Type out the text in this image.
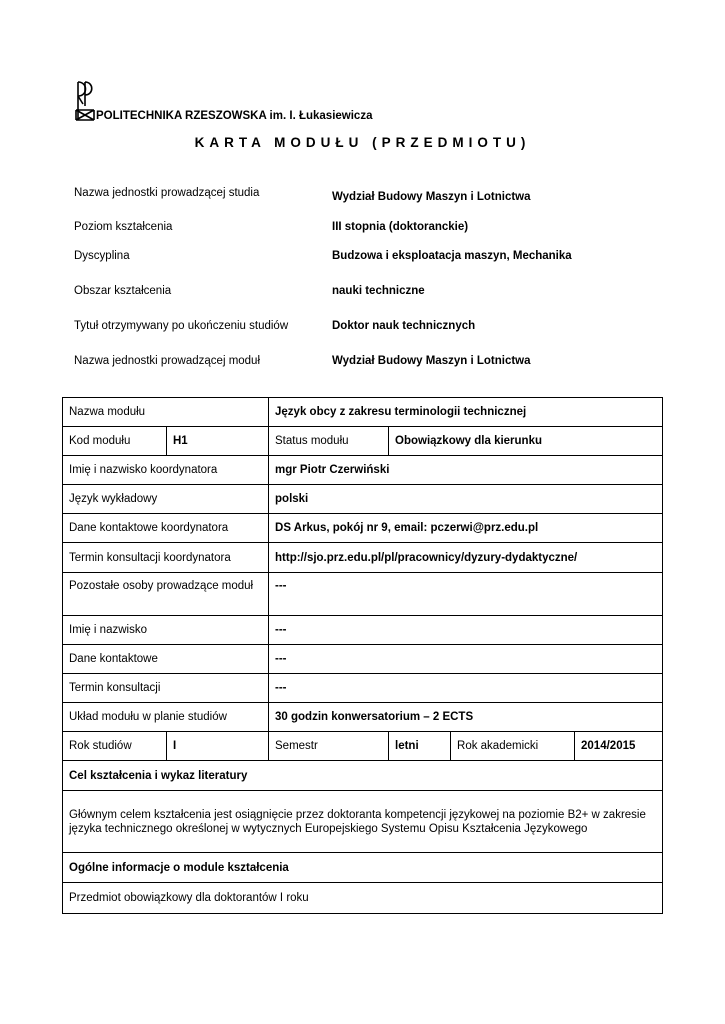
POLITECHNIKA RZESZOWSKA im. I. Łukasiewicza
KARTA MODUŁU (PRZEDMIOTU)
Nazwa jednostki prowadzącej studia	Wydział Budowy Maszyn i Lotnictwa
Poziom kształcenia	III stopnia (doktoranckie)
Dyscyplina	Budzowa i eksploatacja maszyn, Mechanika
Obszar kształcenia	nauki techniczne
Tytuł otrzymywany po ukończeniu studiów	Doktor nauk technicznych
Nazwa jednostki prowadzącej moduł	Wydział Budowy Maszyn i Lotnictwa
Nazwa modułu		Język obcy z zakresu terminologii technicznej			
Kod modułu	H1	Status modułu	Obowiązkowy dla kierunku		
Imię i nazwisko koordynatora		mgr Piotr Czerwiński			
Język wykładowy		polski			
Dane kontaktowe koordynatora		DS Arkus, pokój nr 9, email: pczerwi@prz.edu.pl			
Termin konsultacji koordynatora		http://sjo.prz.edu.pl/pl/pracownicy/dyzury-dydaktyczne/			
Pozostałe osoby prowadzące moduł		---			
Imię i nazwisko		---			
Dane kontaktowe		---			
Termin konsultacji		---			
Układ modułu w planie studiów		30 godzin konwersatorium – 2 ECTS			
Rok studiów	I	Semestr	letni	Rok akademicki	2014/2015
Cel kształcenia i wykaz literatury					
Głównym celem kształcenia jest osiągnięcie przez doktoranta kompetencji językowej na poziomie B2+ w zakresie języka technicznego określonej w wytycznych Europejskiego Systemu Opisu Kształcenia Językowego					
Ogólne informacje o module kształcenia					
Przedmiot obowiązkowy dla doktorantów I roku					
